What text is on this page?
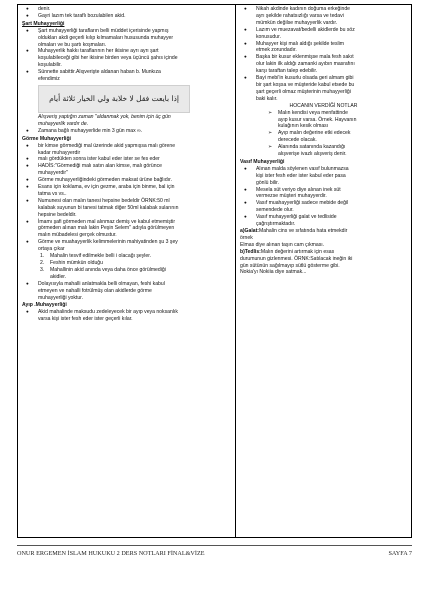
● denir.
● Gayri lazım tek taraflı bozulabilen akid.
Şart Muhayyerliği
● Şart muhayyerliği tarafların belli müddet içerisinde yapmış
oldukları akdi geçerli kılıp kılmamaları hususunda muhayyer
olmaları ve bu şartı koşmaları.
● Muhayyerlik hakkı taraflarının her ikisine ayrı ayrı şart
koşulabileceği gibi her ikisine birden veya üçüncü şahıs içinde
koşulabilir.
● Sünnette sabittir.Alışverişte aldanan haban b. Munkıza
efendimiz
إذا بايعت فقل لا خلابة ولي الخيار ثلاثة أيام
Alışveriş yaptığın zaman ''aldanmak yok, benim için üç gün
muhayyerlik vardır de.
● Zamana bağlı muhayyerlide min 3 gün max ∞.
Görme Muhayyerliği
● bir kimse görmediği mal üzerinde akid yapmışsa malı görene
kadar muhayyerdir
● malı gördükten sonra ister kabul eder ister se fes eder
● HADİS:''Görmediği malı satın alan kimse, malı görünce
muhayyerdir''
● Görme muhayyerliğindeki görmeden maksat ürüne bağlıdır.
● Esans için koklama, ev için gezme, araba için binme, bal için
tatma vs vs..
● Numunesi olan malın tanesi hepsine bedeldir ÖRNK:50 ml
kalabak suyunun bi tanesi tatmak diğer 50ml kalabak sularının
hepsine bedeldir.
● İmamı şafi görmeden mal alınmaz demiş ve kabul etmemiştir
görmeden alınan malı lakin Peşin Selem'' adıyla görülmeyen
malın mübadelesi gerçek olmustur.
● Görme ve muahayyerlik kelimmelerinin mahiyatinden şu 3 şey
ortaya çıkar
1. Mahalin tesvif edilmekle belli i olacağı şeyler.
2. Feshin mümkün olduğu
3. Mahallinin akid anında veya daha önce görülmediği
akidler.
● Dolayısıyla mahalli anlatmakla belli olmayan, feshi kabul
etmeyen ve nahalli fotrülmüş olan akidlerde görme
muhayyerliği yoktur.
Ayıp .Muhayyerliği
● Akid mahalinde maksudu zedeleyecek bir ayıp veya noksanlık
varsa kişi ister fesh eder ister geçerli kılar.
● Nikah akdinde kadının doğuma erkeğinde
ayrı şekilde rahatsızlığı varsa ve tedavi
mümkün değilse muhayyerlik vardır.
● Lazım ve muezavat/bedelli akidlerde bu söz
konusudur.
● Muhayyer kişi malı aldığı şekilde teslim
etmek zorundadır.
● Başka bir kusur eklenmişse mala fesh sakıt
olur lakin ilk aldığı zamanki ayıbın masrafını
karşı taraftan talep edebilir.
● Bayi mebi'in kusurlu olsada geri almam gibi
bir şart koşsa ve müşteride kabul etsede bu
şart geçerli olmaz müşterinin muhayyerliği
baki kalır.
HOCANIN VERDİĞİ NOTLAR
➢ Malın kendisi veya menfattinde
ayıp kusur varsa. Örnek. Hayvanın
kulağının kesik olması
➢ Ayıp malın değerine etki edecek
derecede olacak.
➢ Alanında satanında kazandığı
alışverişe ivazlı alışveriş denir.
Vasıf Muhayyerliği
● Alınan malda söylenen vasıf bulunmazsa
kişi ister fesh eder ister kabul eder pasa
gönlü bilir.
● Mesela süt veriyo diye alınan inek süt
vermezse müşteri muhayyerdir.
● Vasıf muahayyerliği sadece mebide değil
semendede olur.
● Vasıf muhayyerliği galat ve tedliside
çağrıştırmaktadır.
a)Galat:Mahalin cins ve sıfatında hata etmekdir
örnek
Elmas diye alınan taşın cam çıkması.
b)Tedlis:Malın değerini artırmak için esas
durumunun gizlenmesi. ÖRNK:Satılacak ineğin iki
gün sütünün sağılmayıp sütlü gösterme gibi.
Nokia'yı Nokiia diye satmak...
ONUR ERGEMEN İSLAM HUKUKU 2 DERS NOTLARI FİNAL&VİZE	SAYFA 7
